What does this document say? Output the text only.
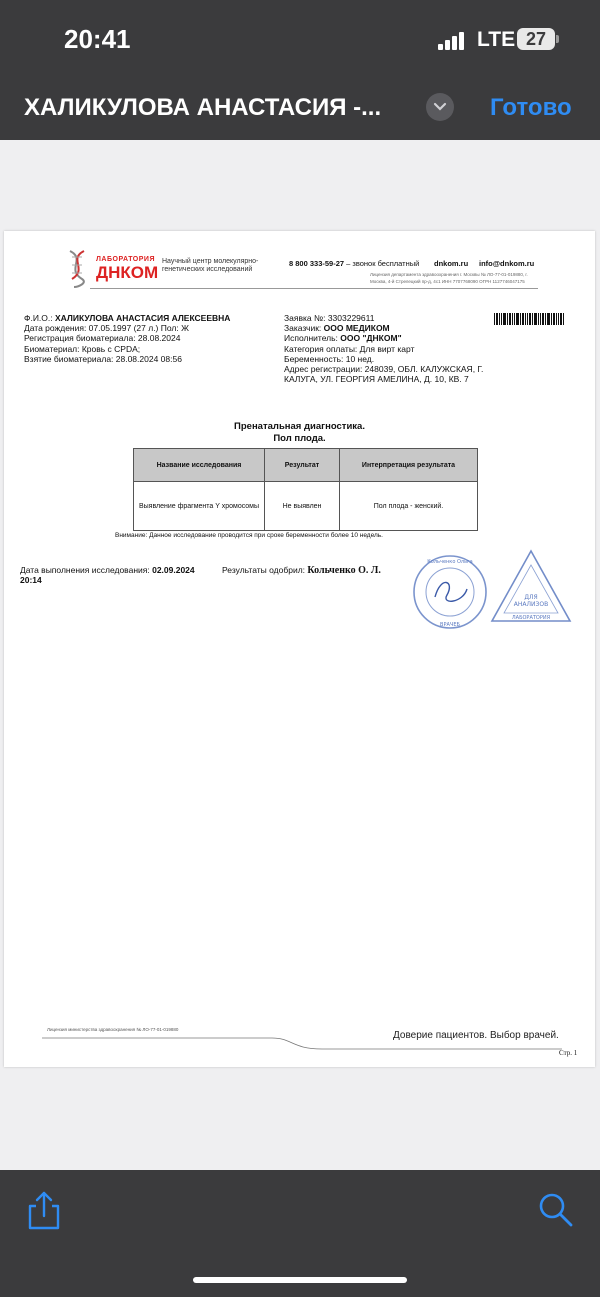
20:41	LTE 27
ХАЛИКУЛОВА АНАСТАСИЯ -...	Готово
ЛАБОРАТОРИЯ
ДНКОМ
Научный центр молекулярно-генетических исследований
8 800 333-59-27 – звонок бесплатный dnkom.ru info@dnkom.ru
Лицензия департамента здравоохранения г. Москвы № ЛО-77-01-019880, г. Москва, 4-й Стрелецкий пр-д, 4с1 ИНН 7707768090 ОГРН 1127746047175
Ф.И.О.: ХАЛИКУЛОВА АНАСТАСИЯ АЛЕКСЕЕВНА
Дата рождения: 07.05.1997 (27 л.) Пол: Ж
Регистрация биоматериала: 28.08.2024
Биоматериал: Кровь с CPDA;
Взятие биоматериала: 28.08.2024 08:56
Заявка №: 3303229611
Заказчик: ООО МЕДИКОМ
Исполнитель: ООО "ДНКОМ"
Категория оплаты: Для вирт карт
Беременность: 10 нед.
Адрес регистрации: 248039, ОБЛ. КАЛУЖСКАЯ, Г. КАЛУГА, УЛ. ГЕОРГИЯ АМЕЛИНА, Д. 10, КВ. 7
Пренатальная диагностика.
Пол плода.
Название исследования	Результат	Интерпретация результата
Выявление фрагмента Y хромосомы	Не выявлен	Пол плода - женский.
Внимание: Данное исследование проводится при сроке беременности более 10 недель.
Дата выполнения исследования: 02.09.2024
20:14
Результаты одобрил: Кольченко О. Л.
Кольченко Ольга
ВРАЧЕБ
ДЛЯ
АНАЛИЗОВ
ЛАБОРАТОРИЯ
Лицензия министерства здравоохранения № ЛО-77-01-019880
Доверие пациентов. Выбор врачей.
Стр. 1
